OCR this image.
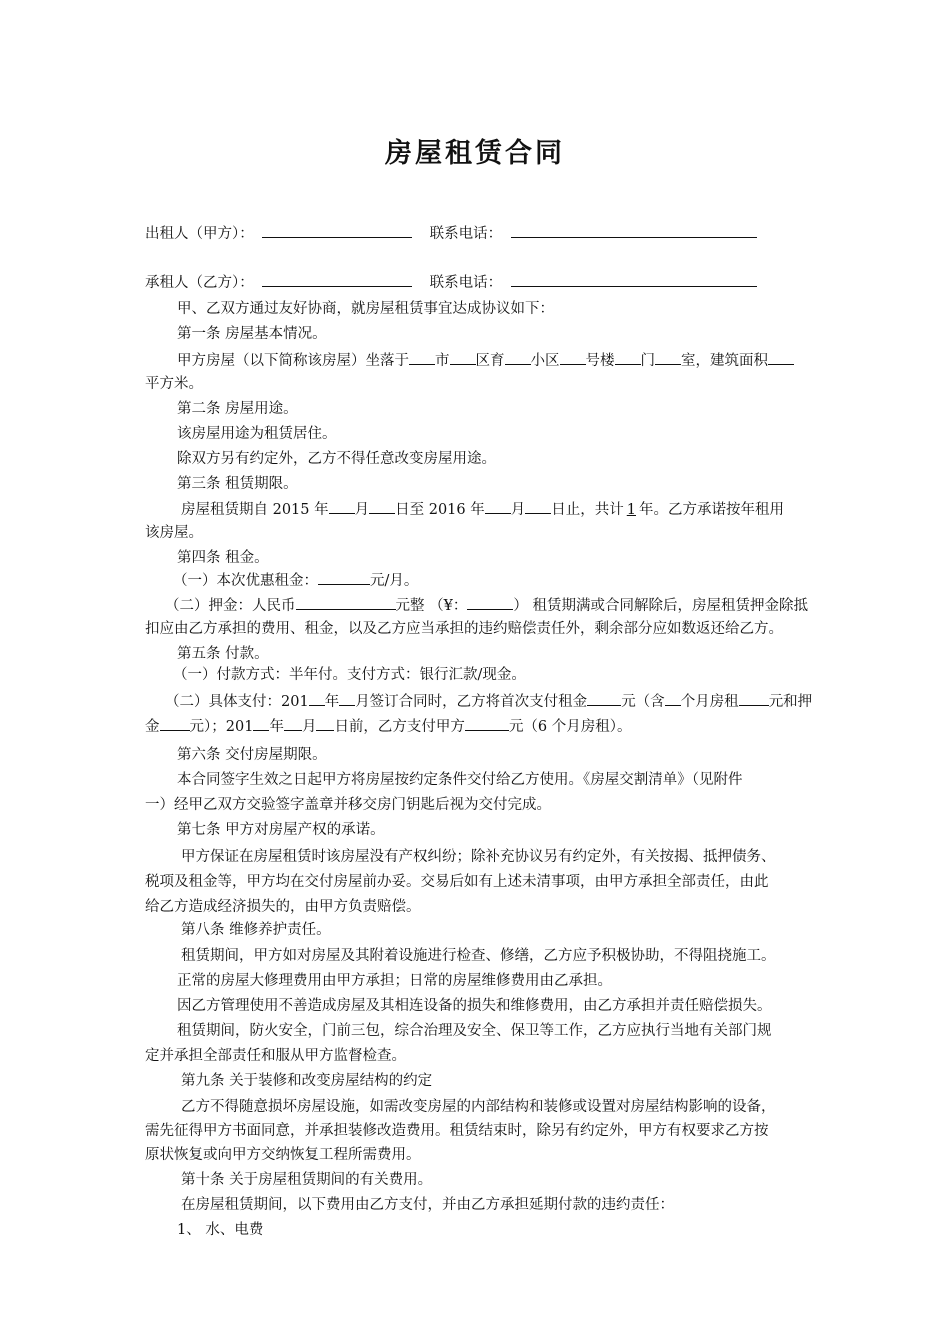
房屋租赁合同
出租人（甲方）：	联系电话：
承租人（乙方）：	联系电话：
甲、乙双方通过友好协商，就房屋租赁事宜达成协议如下：
第一条 房屋基本情况。
甲方房屋（以下简称该房屋）坐落于 市 区育 小区 号楼 门 室，建筑面积
平方米。
第二条 房屋用途。
该房屋用途为租赁居住。
除双方另有约定外，乙方不得任意改变房屋用途。
第三条 租赁期限。
房屋租赁期自 2015 年 月 日至 2016 年 月 日止，共计 1 年。乙方承诺按年租用
该房屋。
第四条 租金。
（一）本次优惠租金：	元/月。
（二）押金：人民币	元整 （¥：	） 租赁期满或合同解除后，房屋租赁押金除抵
扣应由乙方承担的费用、租金，以及乙方应当承担的违约赔偿责任外，剩余部分应如数返还给乙方。
第五条 付款。
（一）付款方式：半年付。支付方式：银行汇款/现金。
（二）具体支付：201 年 月签订合同时，乙方将首次支付租金 元（含 个月房租 元和押
金 元）；201 年 月 日前，乙方支付甲方	元（6 个月房租）。
第六条 交付房屋期限。
本合同签字生效之日起甲方将房屋按约定条件交付给乙方使用。《房屋交割清单》（见附件
一）经甲乙双方交验签字盖章并移交房门钥匙后视为交付完成。
第七条 甲方对房屋产权的承诺。
甲方保证在房屋租赁时该房屋没有产权纠纷；除补充协议另有约定外，有关按揭、抵押债务、
税项及租金等，甲方均在交付房屋前办妥。交易后如有上述未清事项，由甲方承担全部责任，由此
给乙方造成经济损失的，由甲方负责赔偿。
第八条 维修养护责任。
租赁期间，甲方如对房屋及其附着设施进行检查、修缮，乙方应予积极协助，不得阻挠施工。
正常的房屋大修理费用由甲方承担；日常的房屋维修费用由乙承担。
因乙方管理使用不善造成房屋及其相连设备的损失和维修费用，由乙方承担并责任赔偿损失。
租赁期间，防火安全，门前三包，综合治理及安全、保卫等工作，乙方应执行当地有关部门规
定并承担全部责任和服从甲方监督检查。
第九条 关于装修和改变房屋结构的约定
乙方不得随意损坏房屋设施，如需改变房屋的内部结构和装修或设置对房屋结构影响的设备，
需先征得甲方书面同意，并承担装修改造费用。租赁结束时，除另有约定外，甲方有权要求乙方按
原状恢复或向甲方交纳恢复工程所需费用。
第十条 关于房屋租赁期间的有关费用。
在房屋租赁期间，以下费用由乙方支付，并由乙方承担延期付款的违约责任：
1、 水、电费
